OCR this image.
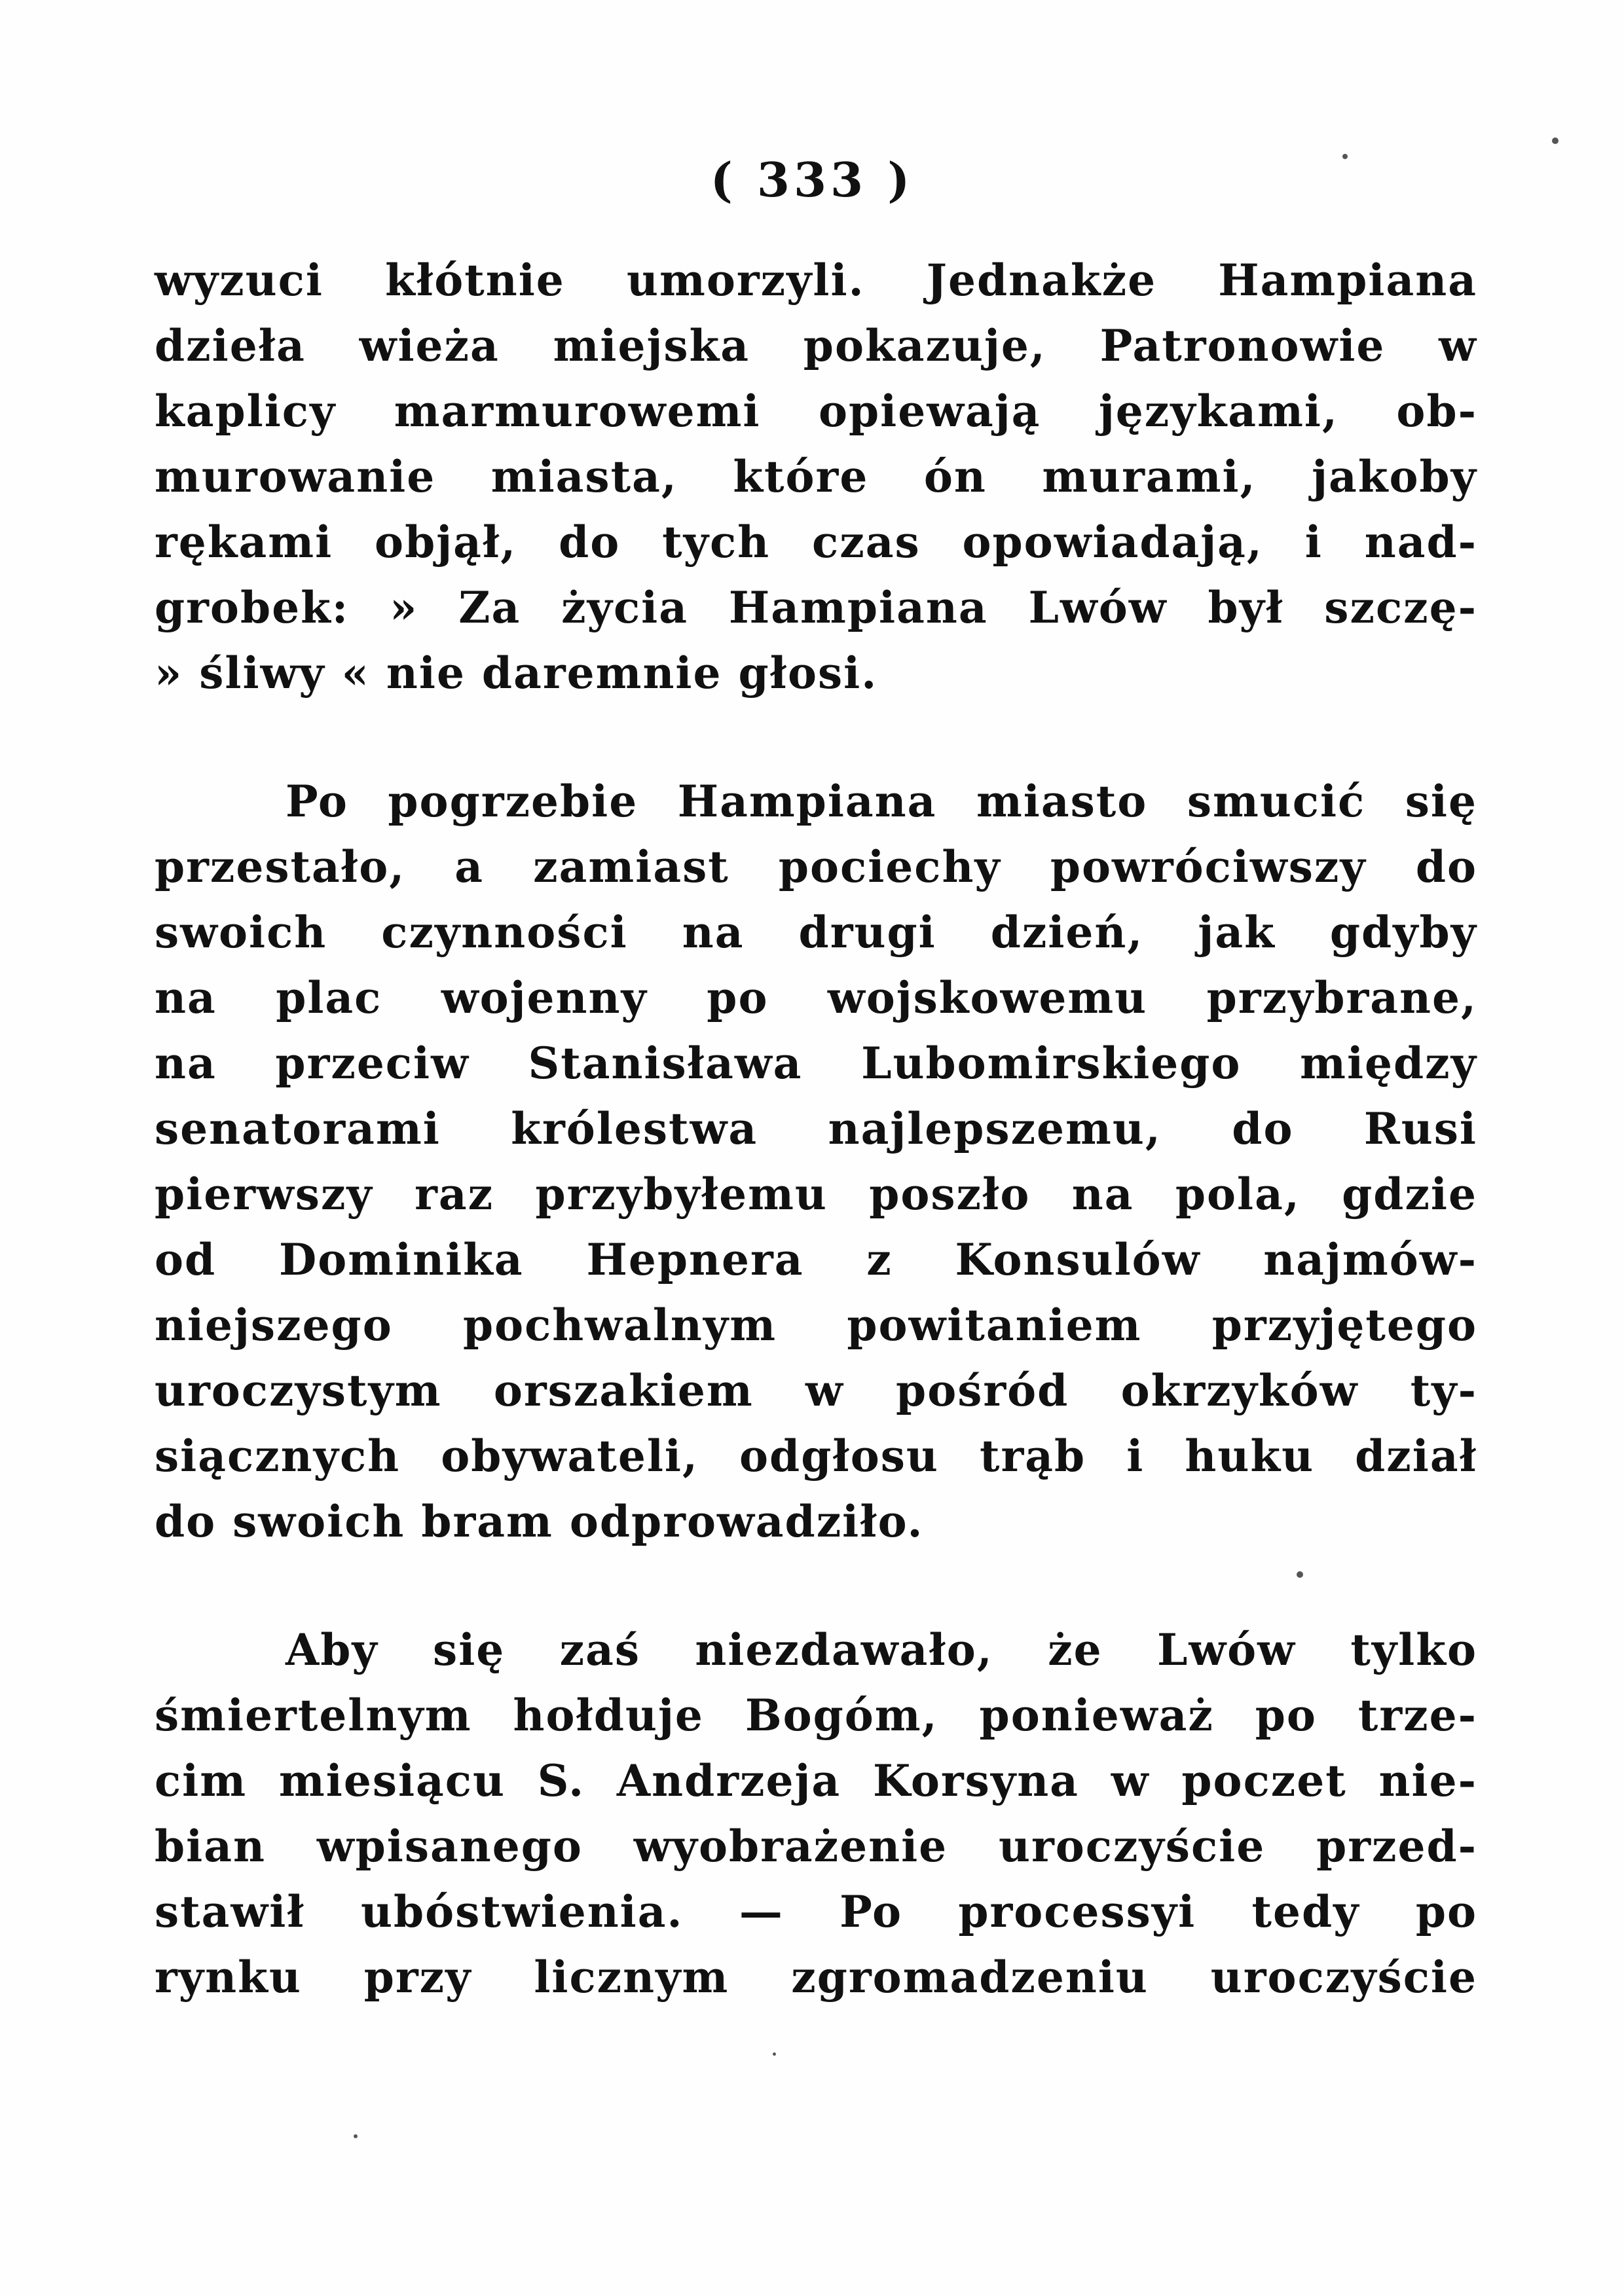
( 333 )
wyzuci kłótnie umorzyli. Jednakże Hampiana
dzieła wieża miejska pokazuje, Patronowie w
kaplicy marmurowemi opiewają językami, ob-
murowanie miasta, które ón murami, jakoby
rękami objął, do tych czas opowiadają, i nad-
grobek: » Za życia Hampiana Lwów był szczę-
» śliwy « nie daremnie głosi.
Po pogrzebie Hampiana miasto smucić się
przestało, a zamiast pociechy powróciwszy do
swoich czynności na drugi dzień, jak gdyby
na plac wojenny po wojskowemu przybrane,
na przeciw Stanisława Lubomirskiego między
senatorami królestwa najlepszemu, do Rusi
pierwszy raz przybyłemu poszło na pola, gdzie
od Dominika Hepnera z Konsulów najmów-
niejszego pochwalnym powitaniem przyjętego
uroczystym orszakiem w pośród okrzyków ty-
siącznych obywateli, odgłosu trąb i huku dział
do swoich bram odprowadziło.
Aby się zaś niezdawało, że Lwów tylko
śmiertelnym hołduje Bogóm, ponieważ po trze-
cim miesiącu S. Andrzeja Korsyna w poczet nie-
bian wpisanego wyobrażenie uroczyście przed-
stawił ubóstwienia. — Po processyi tedy po
rynku przy licznym zgromadzeniu uroczyście
